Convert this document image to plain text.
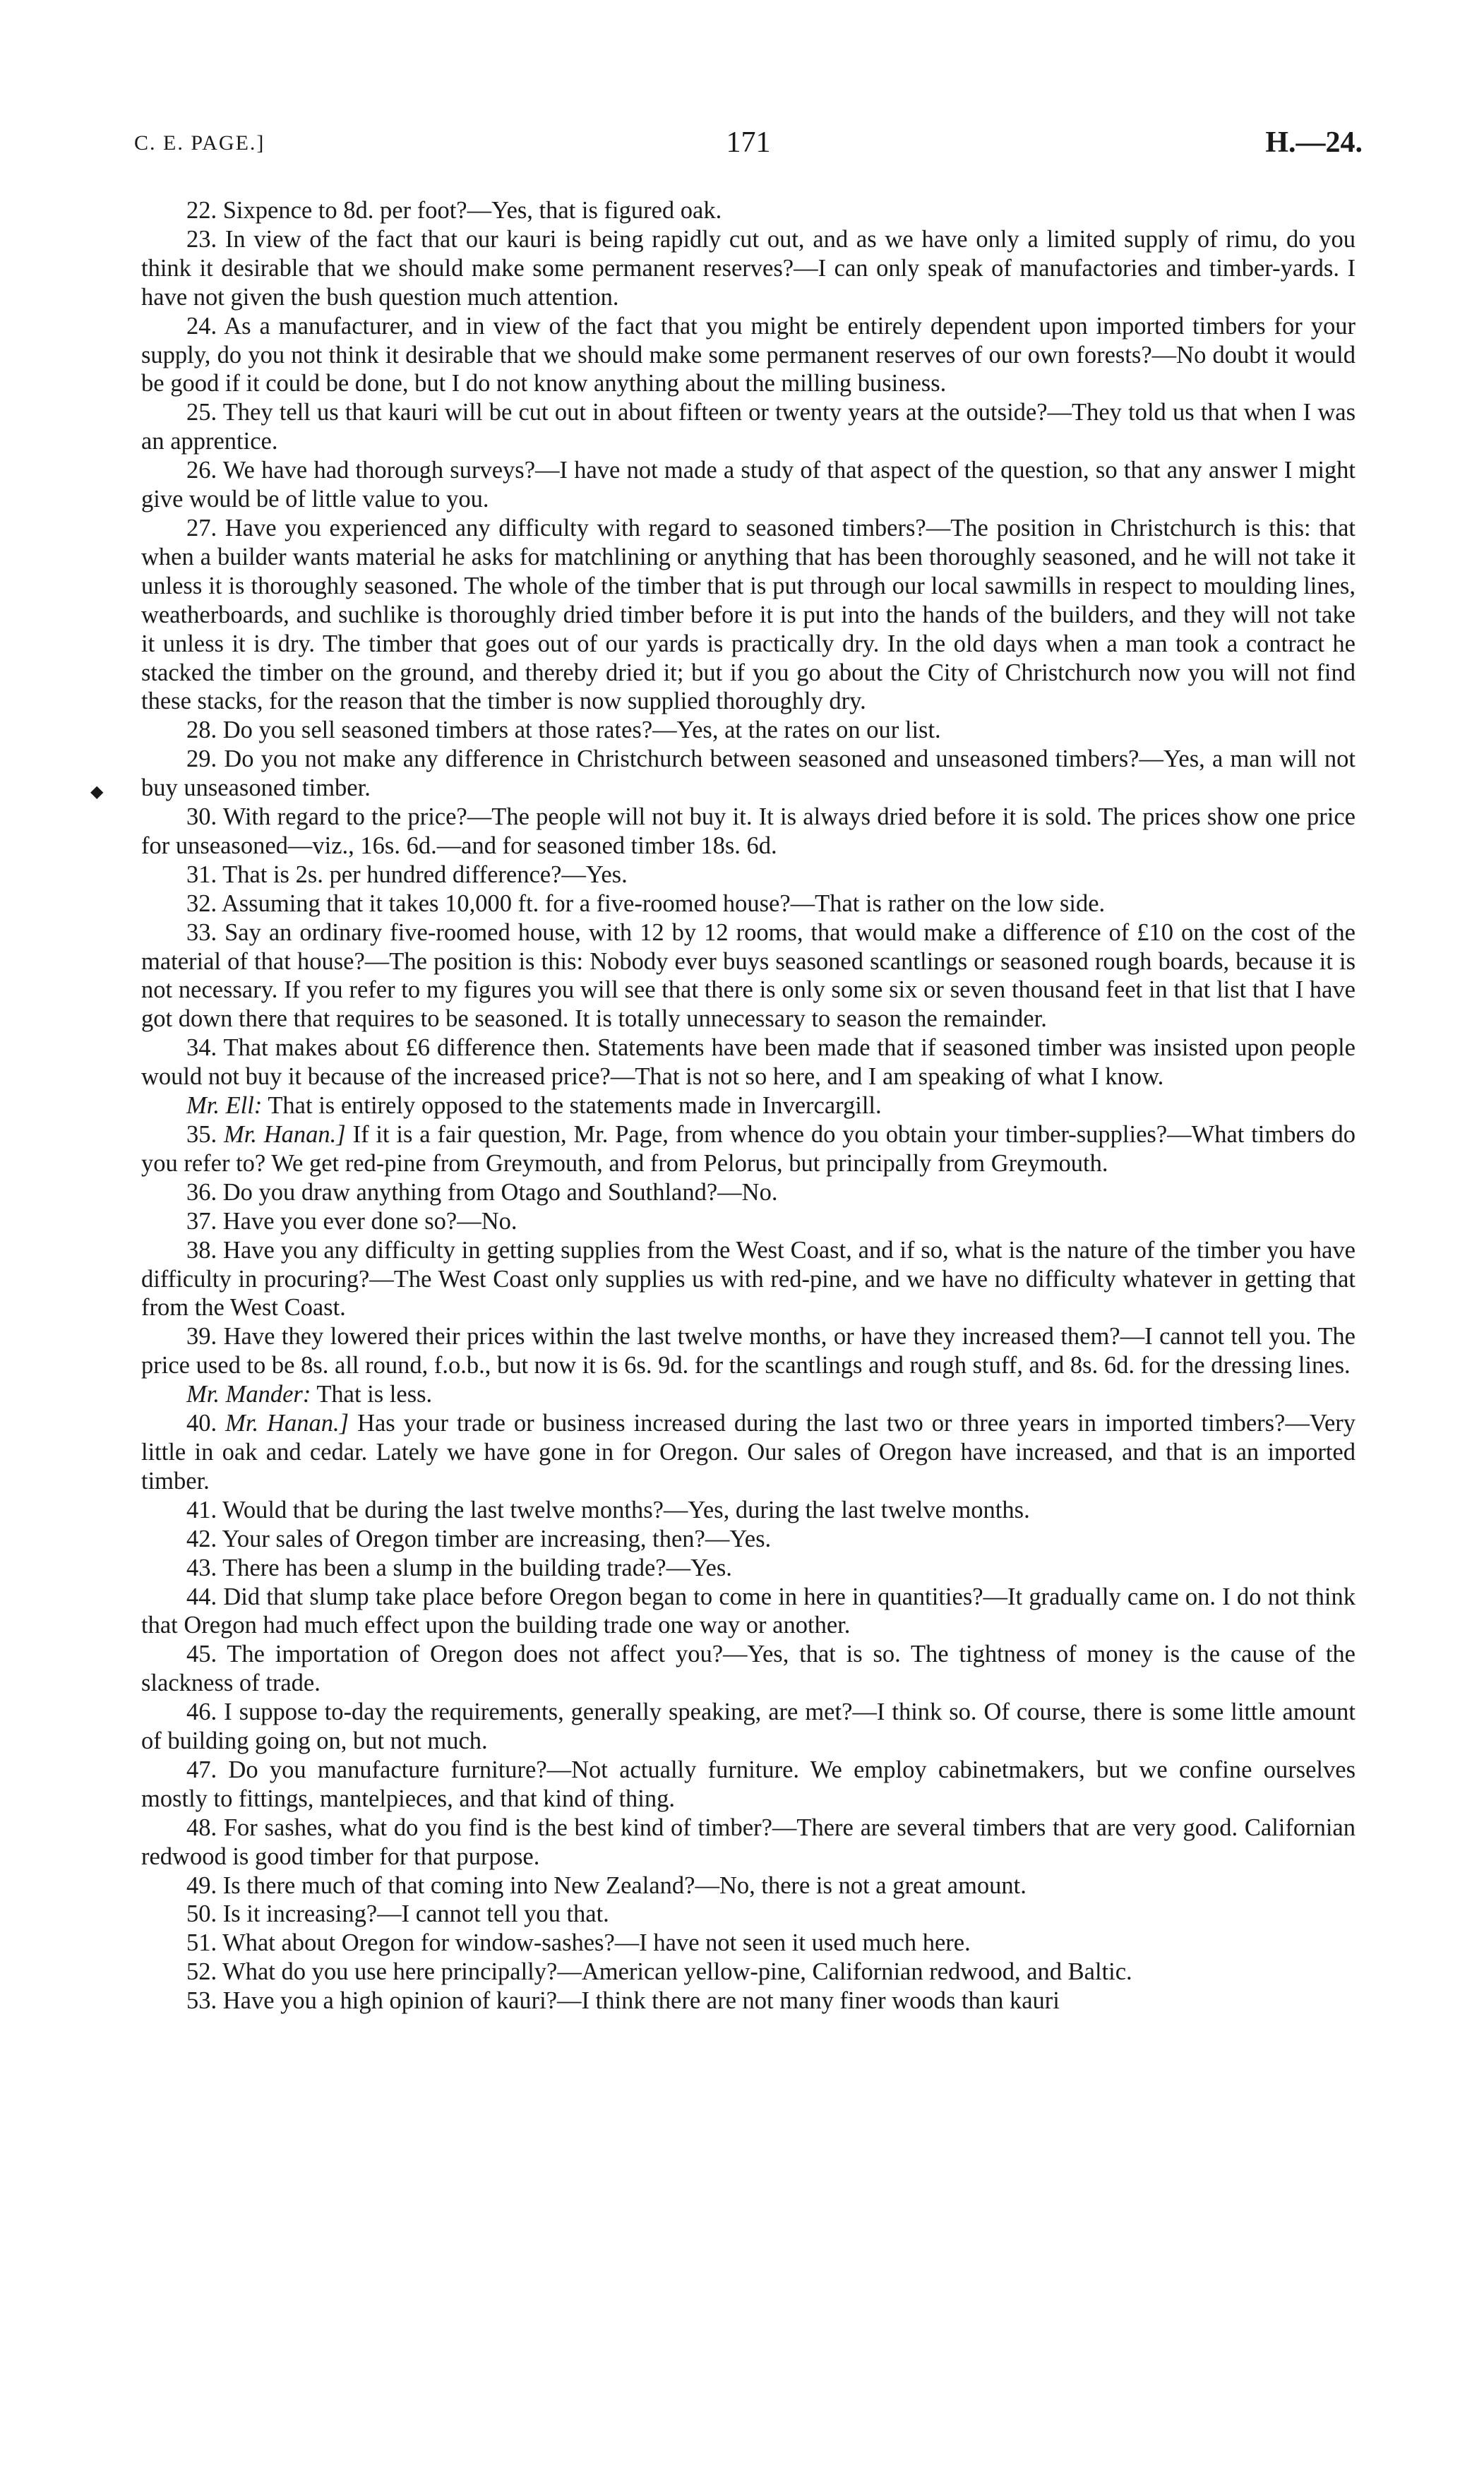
C. E. PAGE.]	171	H.—24.
◆

22. Sixpence to 8d. per foot?—Yes, that is figured oak.

23. In view of the fact that our kauri is being rapidly cut out, and as we have only a limited supply of rimu, do you think it desirable that we should make some permanent reserves?—I can only speak of manufactories and timber-yards. I have not given the bush question much attention.

24. As a manufacturer, and in view of the fact that you might be entirely dependent upon imported timbers for your supply, do you not think it desirable that we should make some permanent reserves of our own forests?—No doubt it would be good if it could be done, but I do not know anything about the milling business.

25. They tell us that kauri will be cut out in about fifteen or twenty years at the outside?—They told us that when I was an apprentice.

26. We have had thorough surveys?—I have not made a study of that aspect of the question, so that any answer I might give would be of little value to you.

27. Have you experienced any difficulty with regard to seasoned timbers?—The position in Christchurch is this: that when a builder wants material he asks for matchlining or anything that has been thoroughly seasoned, and he will not take it unless it is thoroughly seasoned. The whole of the timber that is put through our local sawmills in respect to moulding lines, weatherboards, and suchlike is thoroughly dried timber before it is put into the hands of the builders, and they will not take it unless it is dry. The timber that goes out of our yards is practically dry. In the old days when a man took a contract he stacked the timber on the ground, and thereby dried it; but if you go about the City of Christchurch now you will not find these stacks, for the reason that the timber is now supplied thoroughly dry.

28. Do you sell seasoned timbers at those rates?—Yes, at the rates on our list.

29. Do you not make any difference in Christchurch between seasoned and unseasoned timbers?—Yes, a man will not buy unseasoned timber.

30. With regard to the price?—The people will not buy it. It is always dried before it is sold. The prices show one price for unseasoned—viz., 16s. 6d.—and for seasoned timber 18s. 6d.

31. That is 2s. per hundred difference?—Yes.

32. Assuming that it takes 10,000 ft. for a five-roomed house?—That is rather on the low side.

33. Say an ordinary five-roomed house, with 12 by 12 rooms, that would make a difference of £10 on the cost of the material of that house?—The position is this: Nobody ever buys seasoned scantlings or seasoned rough boards, because it is not necessary. If you refer to my figures you will see that there is only some six or seven thousand feet in that list that I have got down there that requires to be seasoned. It is totally unnecessary to season the remainder.

34. That makes about £6 difference then. Statements have been made that if seasoned timber was insisted upon people would not buy it because of the increased price?—That is not so here, and I am speaking of what I know.

Mr. Ell: That is entirely opposed to the statements made in Invercargill.

35. Mr. Hanan.] If it is a fair question, Mr. Page, from whence do you obtain your timber-supplies?—What timbers do you refer to? We get red-pine from Greymouth, and from Pelorus, but principally from Greymouth.

36. Do you draw anything from Otago and Southland?—No.

37. Have you ever done so?—No.

38. Have you any difficulty in getting supplies from the West Coast, and if so, what is the nature of the timber you have difficulty in procuring?—The West Coast only supplies us with red-pine, and we have no difficulty whatever in getting that from the West Coast.

39. Have they lowered their prices within the last twelve months, or have they increased them?—I cannot tell you. The price used to be 8s. all round, f.o.b., but now it is 6s. 9d. for the scantlings and rough stuff, and 8s. 6d. for the dressing lines.

Mr. Mander: That is less.

40. Mr. Hanan.] Has your trade or business increased during the last two or three years in imported timbers?—Very little in oak and cedar. Lately we have gone in for Oregon. Our sales of Oregon have increased, and that is an imported timber.

41. Would that be during the last twelve months?—Yes, during the last twelve months.

42. Your sales of Oregon timber are increasing, then?—Yes.

43. There has been a slump in the building trade?—Yes.

44. Did that slump take place before Oregon began to come in here in quantities?—It gradually came on. I do not think that Oregon had much effect upon the building trade one way or another.

45. The importation of Oregon does not affect you?—Yes, that is so. The tightness of money is the cause of the slackness of trade.

46. I suppose to-day the requirements, generally speaking, are met?—I think so. Of course, there is some little amount of building going on, but not much.

47. Do you manufacture furniture?—Not actually furniture. We employ cabinetmakers, but we confine ourselves mostly to fittings, mantelpieces, and that kind of thing.

48. For sashes, what do you find is the best kind of timber?—There are several timbers that are very good. Californian redwood is good timber for that purpose.

49. Is there much of that coming into New Zealand?—No, there is not a great amount.

50. Is it increasing?—I cannot tell you that.

51. What about Oregon for window-sashes?—I have not seen it used much here.

52. What do you use here principally?—American yellow-pine, Californian redwood, and Baltic.

53. Have you a high opinion of kauri?—I think there are not many finer woods than kauri
